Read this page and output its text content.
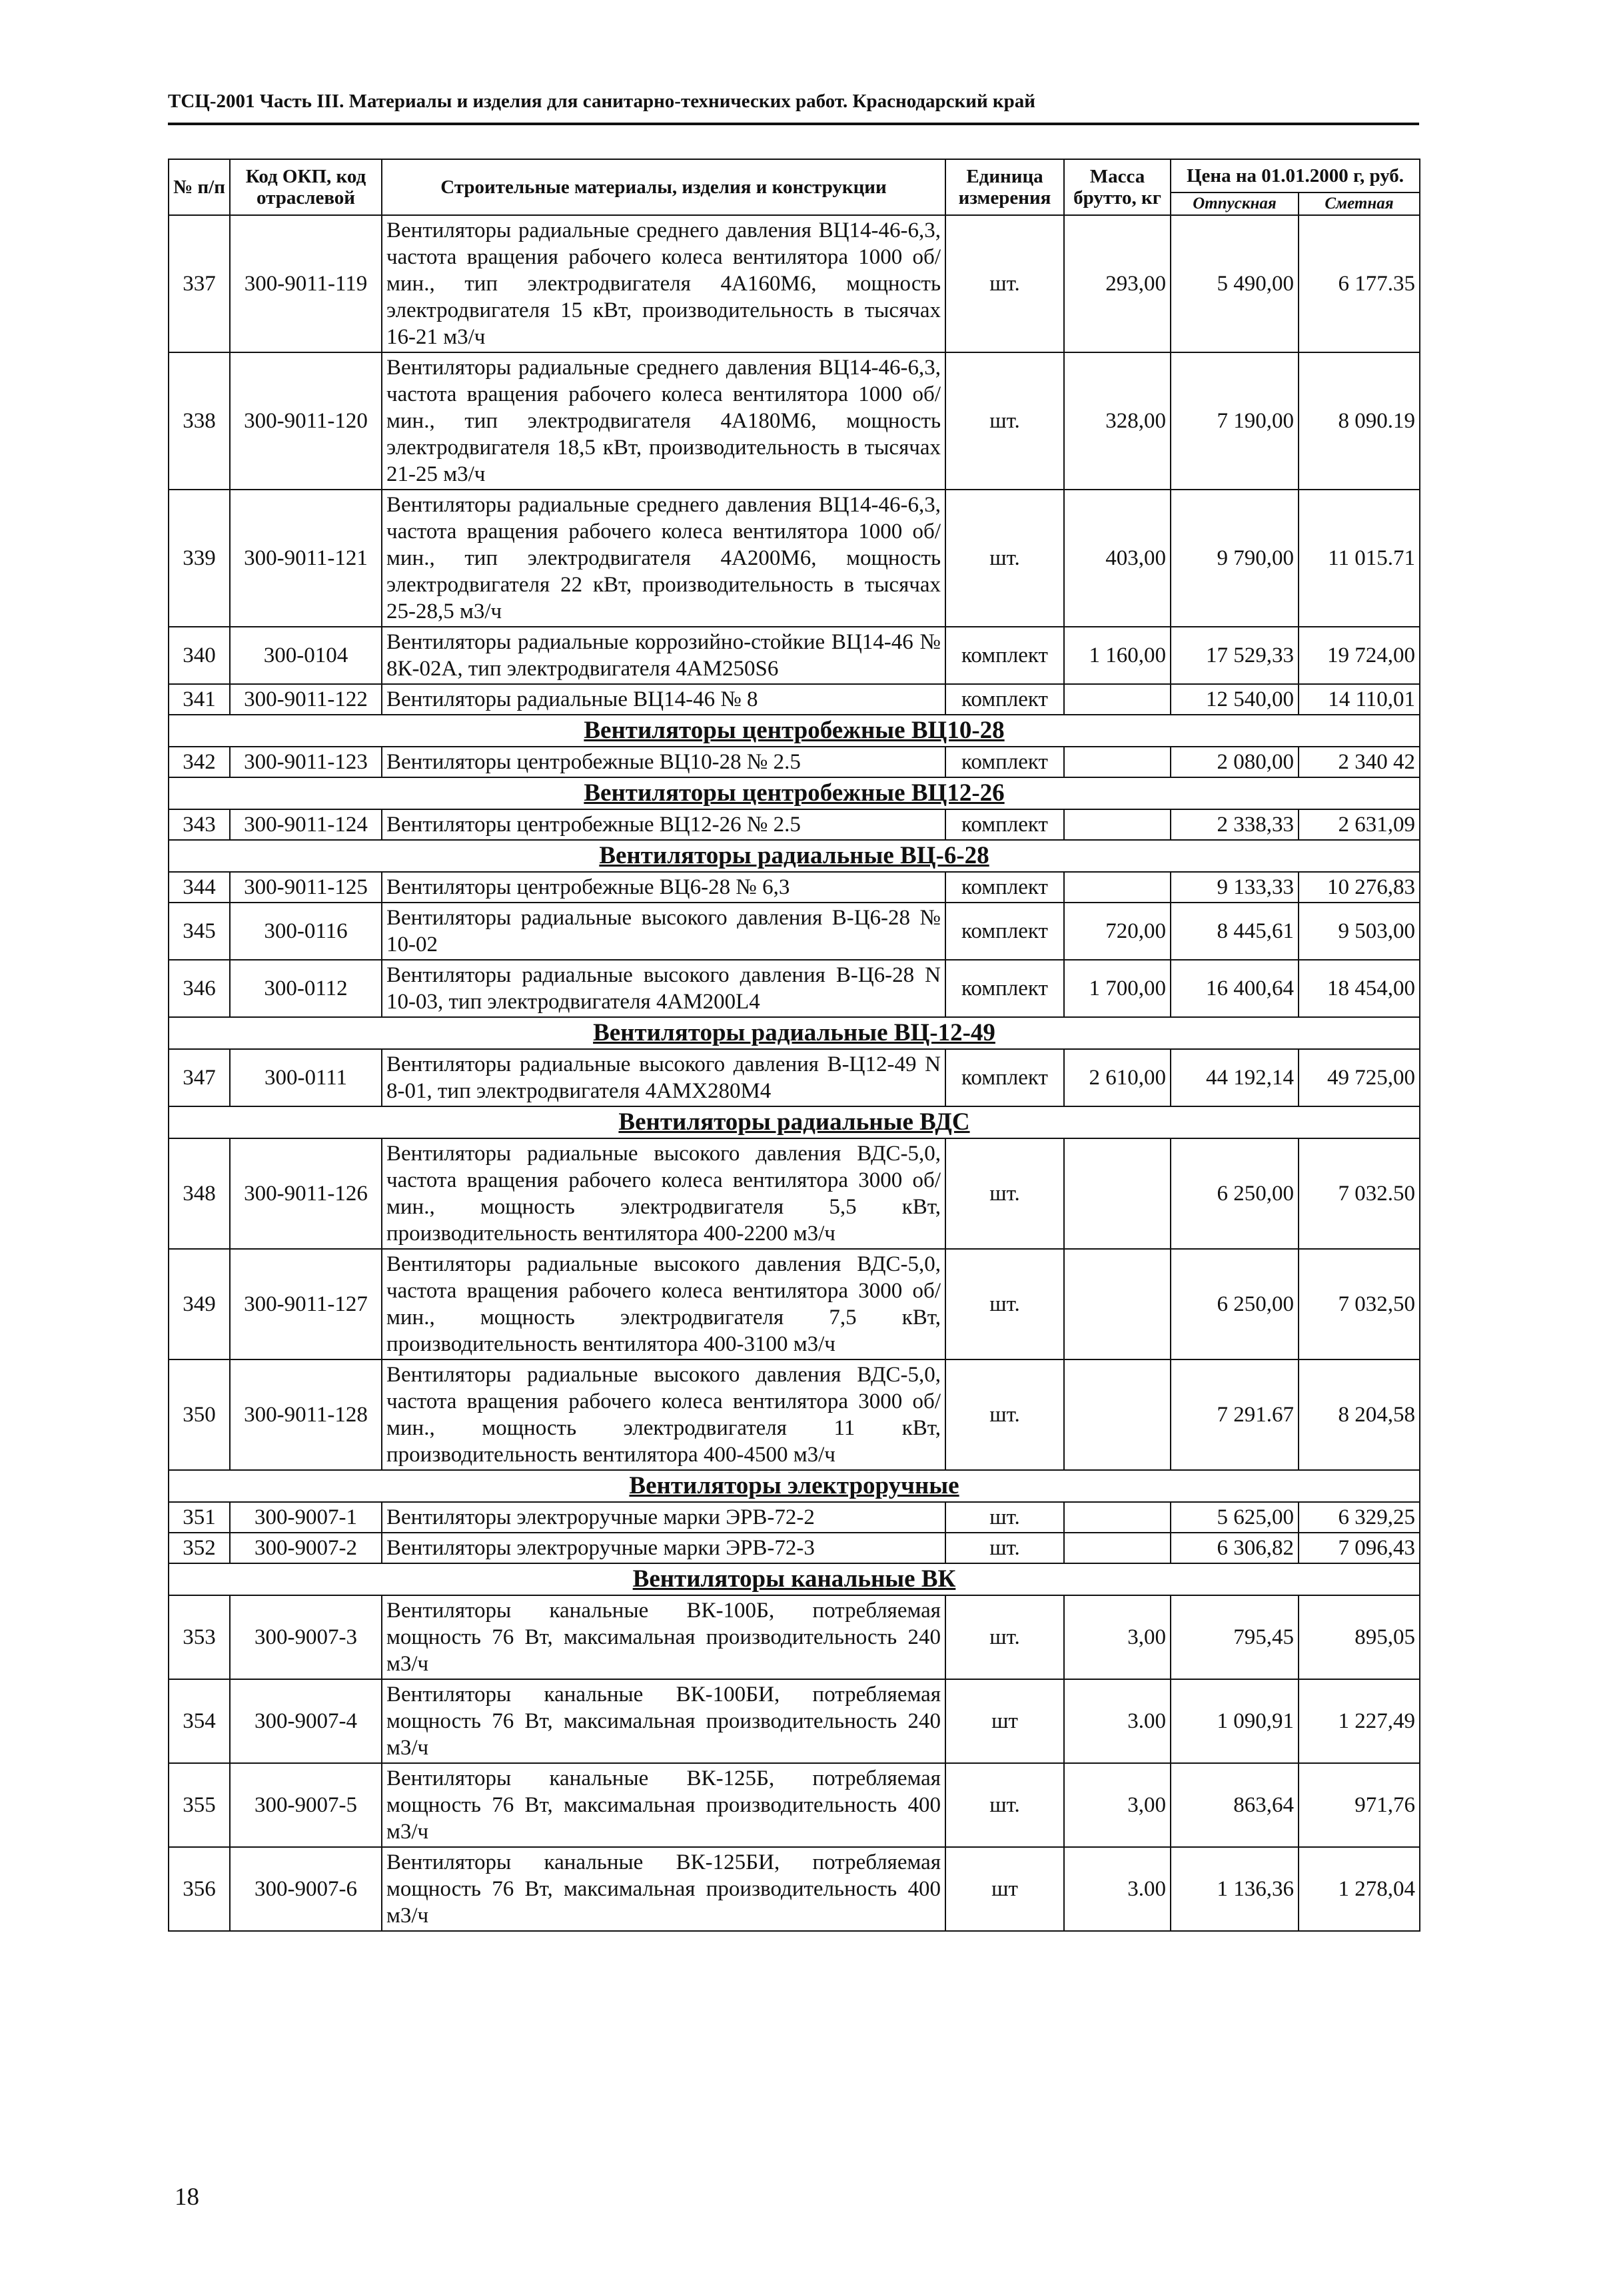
ТСЦ-2001 Часть III. Материалы и изделия для санитарно-технических работ. Краснодарский край
№ п/п	Код ОКП, код отраслевой	Строительные материалы, изделия и конструкции	Единица измерения	Масса брутто, кг	Цена на 01.01.2000 г, руб.	
					Отпускная	Сметная
337	300-9011-119	Вентиляторы радиальные среднего давления ВЦ14-46-6,3, частота вращения рабочего колеса вентилятора 1000 об/мин., тип электродвигателя 4А160М6, мощность электродвигателя 15 кВт, производительность в тысячах 16-21 м3/ч	шт.	293,00	5 490,00	6 177.35
338	300-9011-120	Вентиляторы радиальные среднего давления ВЦ14-46-6,3, частота вращения рабочего колеса вентилятора 1000 об/мин., тип электродвигателя 4А180М6, мощность электродвигателя 18,5 кВт, производительность в тысячах 21-25 м3/ч	шт.	328,00	7 190,00	8 090.19
339	300-9011-121	Вентиляторы радиальные среднего давления ВЦ14-46-6,3, частота вращения рабочего колеса вентилятора 1000 об/мин., тип электродвигателя 4А200М6, мощность электродвигателя 22 кВт, производительность в тысячах 25-28,5 м3/ч	шт.	403,00	9 790,00	11 015.71
340	300-0104	Вентиляторы радиальные коррозийно-стойкие ВЦ14-46 № 8К-02А, тип электродвигателя 4АМ250S6	комплект	1 160,00	17 529,33	19 724,00
341	300-9011-122	Вентиляторы радиальные ВЦ14-46 № 8	комплект		12 540,00	14 110,01
Вентиляторы центробежные ВЦ10-28						
342	300-9011-123	Вентиляторы центробежные ВЦ10-28 № 2.5	комплект		2 080,00	2 340 42
Вентиляторы центробежные ВЦ12-26						
343	300-9011-124	Вентиляторы центробежные ВЦ12-26 № 2.5	комплект		2 338,33	2 631,09
Вентиляторы радиальные ВЦ-6-28						
344	300-9011-125	Вентиляторы центробежные ВЦ6-28 № 6,3	комплект		9 133,33	10 276,83
345	300-0116	Вентиляторы радиальные высокого давления В-Ц6-28 № 10-02	комплект	720,00	8 445,61	9 503,00
346	300-0112	Вентиляторы радиальные высокого давления В-Ц6-28 N 10-03, тип электродвигателя 4АМ200L4	комплект	1 700,00	16 400,64	18 454,00
Вентиляторы радиальные ВЦ-12-49						
347	300-0111	Вентиляторы радиальные высокого давления В-Ц12-49 N 8-01, тип электродвигателя 4АМХ280М4	комплект	2 610,00	44 192,14	49 725,00
Вентиляторы радиальные ВДС						
348	300-9011-126	Вентиляторы радиальные высокого давления ВДС-5,0, частота вращения рабочего колеса вентилятора 3000 об/мин., мощность электродвигателя 5,5 кВт, производительность вентилятора 400-2200 м3/ч	шт.		6 250,00	7 032.50
349	300-9011-127	Вентиляторы радиальные высокого давления ВДС-5,0, частота вращения рабочего колеса вентилятора 3000 об/мин., мощность электродвигателя 7,5 кВт, производительность вентилятора 400-3100 м3/ч	шт.		6 250,00	7 032,50
350	300-9011-128	Вентиляторы радиальные высокого давления ВДС-5,0, частота вращения рабочего колеса вентилятора 3000 об/мин., мощность электродвигателя 11 кВт, производительность вентилятора 400-4500 м3/ч	шт.		7 291.67	8 204,58
Вентиляторы электроручные						
351	300-9007-1	Вентиляторы электроручные марки ЭРВ-72-2	шт.		5 625,00	6 329,25
352	300-9007-2	Вентиляторы электроручные марки ЭРВ-72-3	шт.		6 306,82	7 096,43
Вентиляторы канальные ВК						
353	300-9007-3	Вентиляторы канальные ВК-100Б, потребляемая мощность 76 Вт, максимальная производительность 240 м3/ч	шт.	3,00	795,45	895,05
354	300-9007-4	Вентиляторы канальные ВК-100БИ, потребляемая мощность 76 Вт, максимальная производительность 240 м3/ч	шт	3.00	1 090,91	1 227,49
355	300-9007-5	Вентиляторы канальные ВК-125Б, потребляемая мощность 76 Вт, максимальная производительность 400 м3/ч	шт.	3,00	863,64	971,76
356	300-9007-6	Вентиляторы канальные ВК-125БИ, потребляемая мощность 76 Вт, максимальная производительность 400 м3/ч	шт	3.00	1 136,36	1 278,04
18
